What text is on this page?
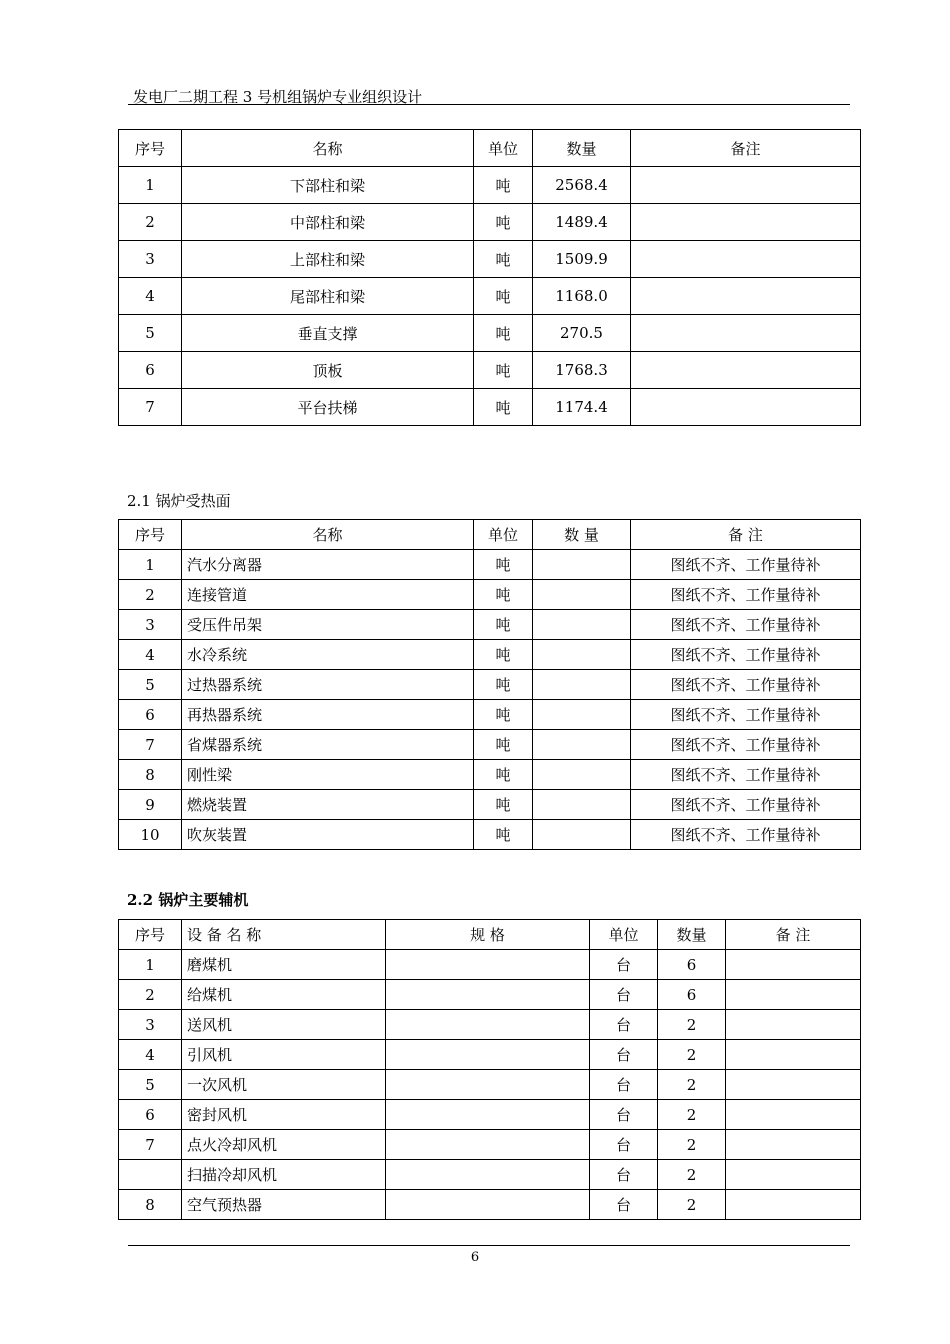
发电厂二期工程 3 号机组锅炉专业组织设计
序号	名称	单位	数量	备注
1	下部柱和梁	吨	2568.4	
2	中部柱和梁	吨	1489.4	
3	上部柱和梁	吨	1509.9	
4	尾部柱和梁	吨	1168.0	
5	垂直支撑	吨	270.5	
6	顶板	吨	1768.3	
7	平台扶梯	吨	1174.4	
2.1 锅炉受热面
序号	名称	单位	数 量	备 注
1	汽水分离器	吨		图纸不齐、工作量待补
2	连接管道	吨		图纸不齐、工作量待补
3	受压件吊架	吨		图纸不齐、工作量待补
4	水冷系统	吨		图纸不齐、工作量待补
5	过热器系统	吨		图纸不齐、工作量待补
6	再热器系统	吨		图纸不齐、工作量待补
7	省煤器系统	吨		图纸不齐、工作量待补
8	刚性梁	吨		图纸不齐、工作量待补
9	燃烧装置	吨		图纸不齐、工作量待补
10	吹灰装置	吨		图纸不齐、工作量待补
2.2 锅炉主要辅机
序号	设 备 名 称	规 格	单位	数量	备 注
1	磨煤机		台	6	
2	给煤机		台	6	
3	送风机		台	2	
4	引风机		台	2	
5	一次风机		台	2	
6	密封风机		台	2	
7	点火冷却风机		台	2	
	扫描冷却风机		台	2	
8	空气预热器		台	2	
6
